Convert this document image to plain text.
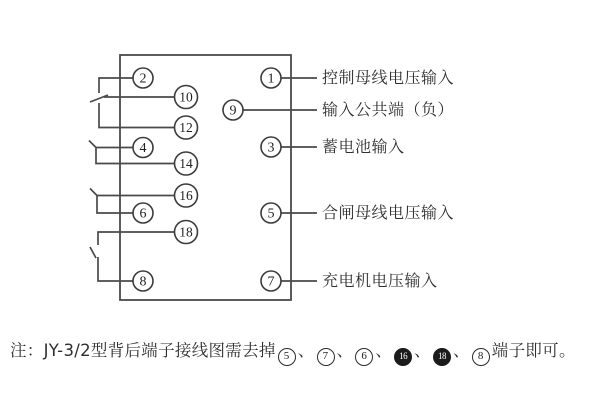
2
4
6
8
1
9
3
5
7
10
12
14
16
18
控制母线电压输入
输入公共端（负）
蓄电池输入
合闸母线电压输入
充电机电压输入
注：JY-3/2型背后端子接线图需去掉 5 、 7 、 6 、 16 、 18 、 8 端子即可。
